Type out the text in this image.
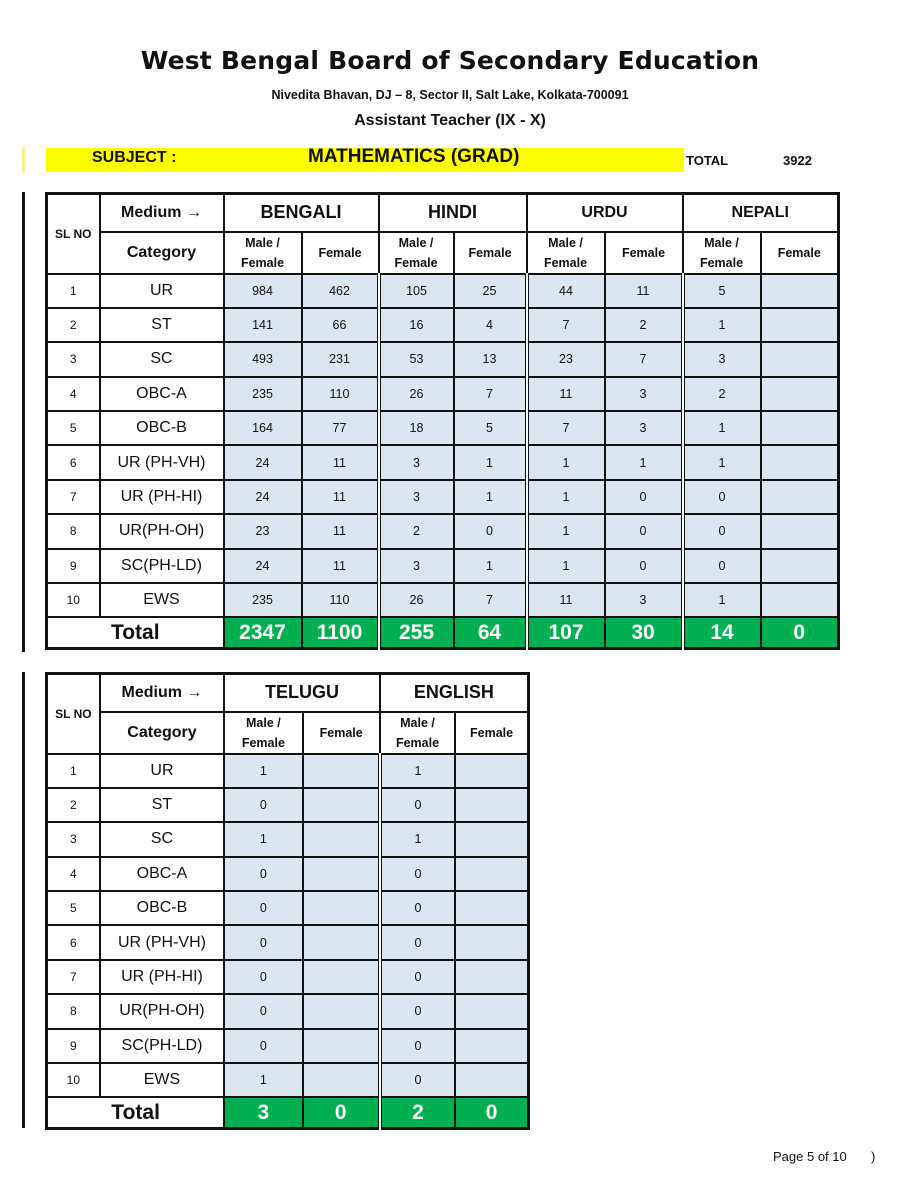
West Bengal Board of Secondary Education
Nivedita Bhavan, DJ – 8, Sector II, Salt Lake, Kolkata-700091
Assistant Teacher (IX - X)
SUBJECT :	MATHEMATICS (GRAD)	TOTAL	3922
SL NO	Medium →	BENGALI		HINDI		URDU		NEPALI	
	Category	Male / Female	Female	Male / Female	Female	Male / Female	Female	Male / Female	Female
1	UR	984	462	105	25	44	11	5	
2	ST	141	66	16	4	7	2	1	
3	SC	493	231	53	13	23	7	3	
4	OBC-A	235	110	26	7	11	3	2	
5	OBC-B	164	77	18	5	7	3	1	
6	UR (PH-VH)	24	11	3	1	1	1	1	
7	UR (PH-HI)	24	11	3	1	1	0	0	
8	UR(PH-OH)	23	11	2	0	1	0	0	
9	SC(PH-LD)	24	11	3	1	1	0	0	
10	EWS	235	110	26	7	11	3	1	
Total		2347	1100	255	64	107	30	14	0
SL NO	Medium →	TELUGU		ENGLISH	
	Category	Male / Female	Female	Male / Female	Female
1	UR	1		1	
2	ST	0		0	
3	SC	1		1	
4	OBC-A	0		0	
5	OBC-B	0		0	
6	UR (PH-VH)	0		0	
7	UR (PH-HI)	0		0	
8	UR(PH-OH)	0		0	
9	SC(PH-LD)	0		0	
10	EWS	1		0	
Total		3	0	2	0
Page 5 of 10 )
